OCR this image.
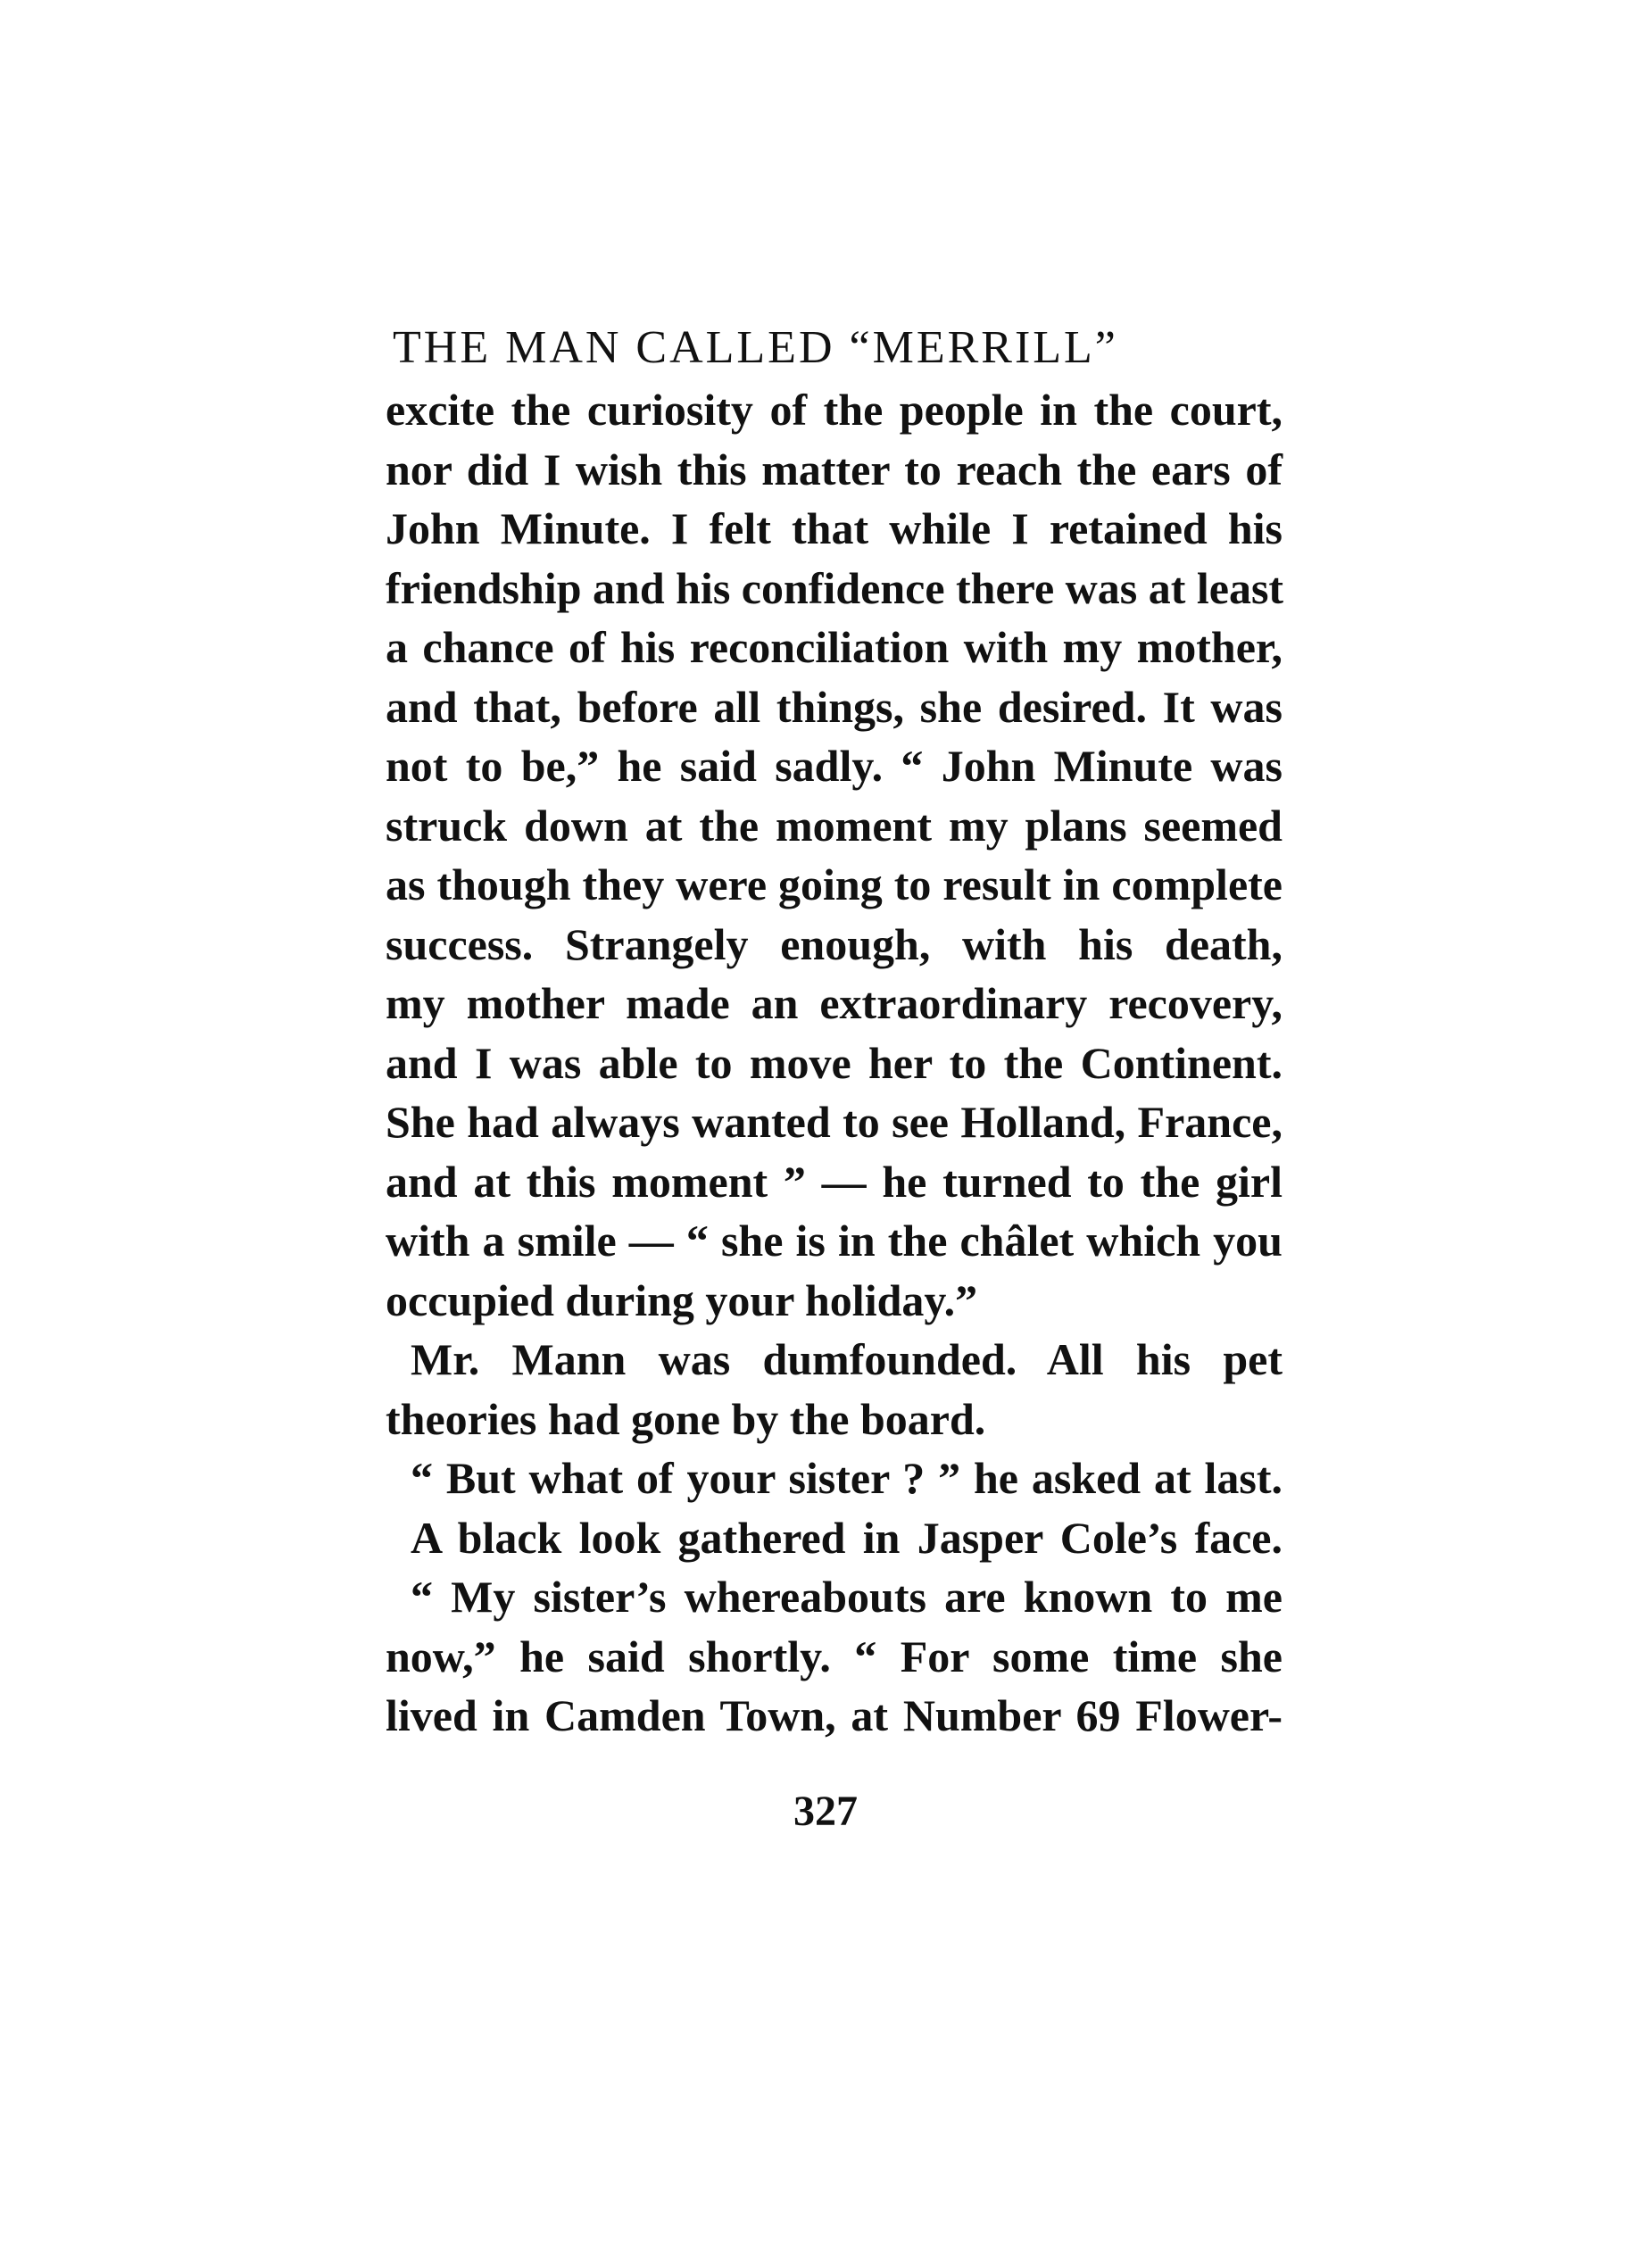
THE MAN CALLED “MERRILL”
excite the curiosity of the people in the court,
nor did I wish this matter to reach the ears of
John Minute. I felt that while I retained his
friendship and his confidence there was at least
a chance of his reconciliation with my mother,
and that, before all things, she desired. It was
not to be,” he said sadly. “ John Minute was
struck down at the moment my plans seemed
as though they were going to result in complete
success. Strangely enough, with his death,
my mother made an extraordinary recovery,
and I was able to move her to the Continent.
She had always wanted to see Holland, France,
and at this moment ” — he turned to the girl
with a smile — “ she is in the châlet which you
occupied during your holiday.”
Mr. Mann was dumfounded. All his pet
theories had gone by the board.
“ But what of your sister ? ” he asked at last.
A black look gathered in Jasper Cole’s face.
“ My sister’s whereabouts are known to me
now,” he said shortly. “ For some time she
lived in Camden Town, at Number 69 Flower-
327
